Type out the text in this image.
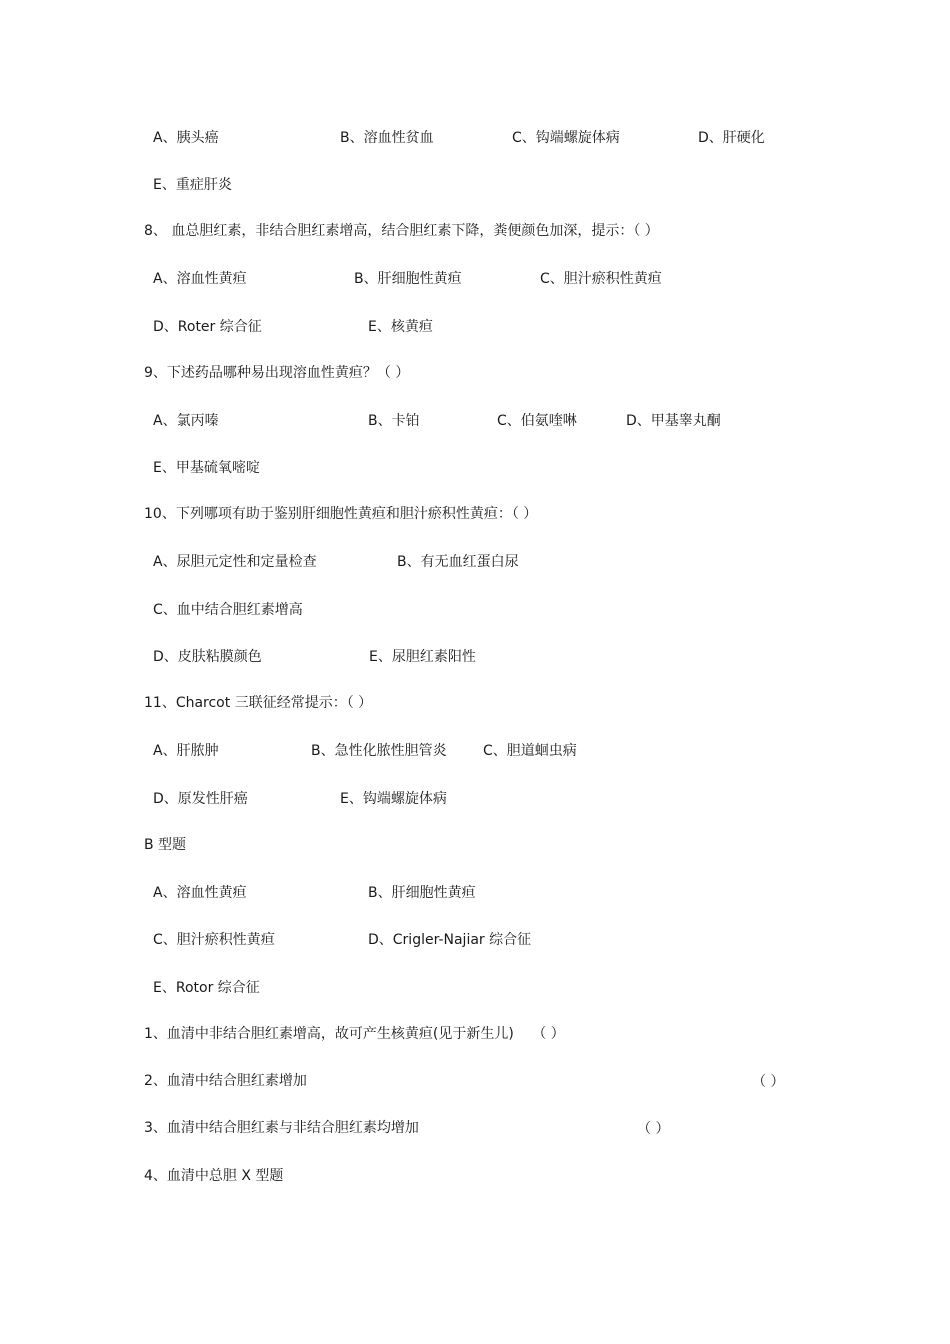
A、胰头癌	B、溶血性贫血	C、钩端螺旋体病	D、肝硬化
E、重症肝炎
8、 血总胆红素，非结合胆红素增高，结合胆红素下降，粪便颜色加深，提示：（ ）
A、溶血性黄疸	B、肝细胞性黄疸	C、胆汁瘀积性黄疸
D、Roter 综合征	E、核黄疸
9、下述药品哪种易出现溶血性黄疸？（ ）
A、氯丙嗪	B、卡铂	C、伯氨喹啉	D、甲基睾丸酮
E、甲基硫氧嘧啶
10、下列哪项有助于鉴别肝细胞性黄疸和胆汁瘀积性黄疸：（ ）
A、尿胆元定性和定量检查	B、有无血红蛋白尿
C、血中结合胆红素增高
D、皮肤粘膜颜色	E、尿胆红素阳性
11、Charcot 三联征经常提示：（ ）
A、肝脓肿	B、急性化脓性胆管炎	C、胆道蛔虫病
D、原发性肝癌	E、钩端螺旋体病
B 型题
A、溶血性黄疸	B、肝细胞性黄疸
C、胆汁瘀积性黄疸	D、Crigler-Najiar 综合征
E、Rotor 综合征
1、血清中非结合胆红素增高，故可产生核黄疸(见于新生儿) （ ）
2、血清中结合胆红素增加	（ ）
3、血清中结合胆红素与非结合胆红素均增加	（ ）
4、血清中总胆 X 型题
